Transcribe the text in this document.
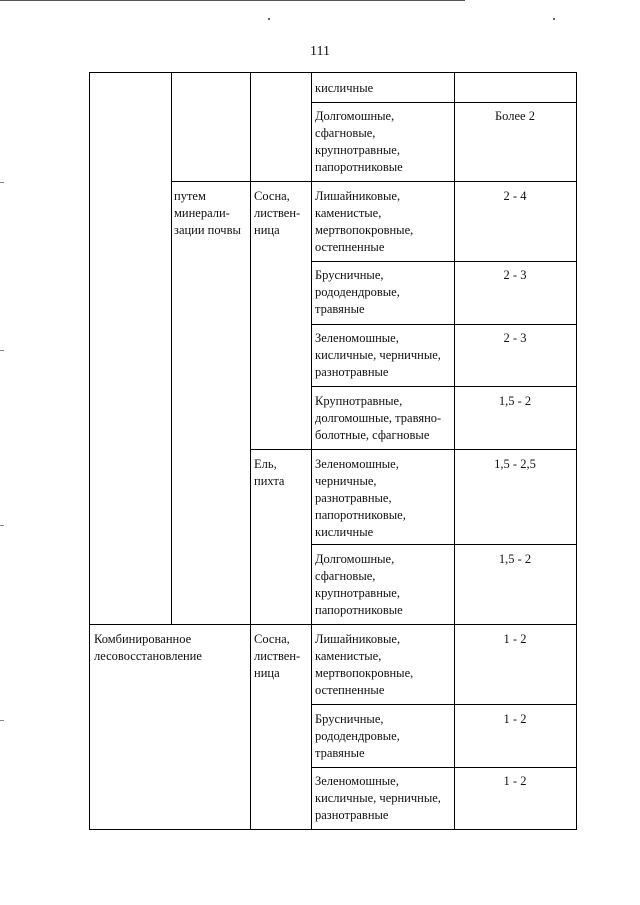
111
Комбинированное
лесовосстановление
путем
минерали-
зации почвы
Сосна,
листвен-
ница
Ель,
пихта
Сосна,
листвен-
ница
кисличные
Долгомошные,
сфагновые,
крупнотравные,
папоротниковые
Лишайниковые,
каменистые,
мертвопокровные,
остепненные
Брусничные,
рододендровые,
травяные
Зеленомошные,
кисличные, черничные,
разнотравные
Крупнотравные,
долгомошные, травяно-
болотные, сфагновые
Зеленомошные,
черничные,
разнотравные,
папоротниковые,
кисличные
Долгомошные,
сфагновые,
крупнотравные,
папоротниковые
Лишайниковые,
каменистые,
мертвопокровные,
остепненные
Брусничные,
рододендровые,
травяные
Зеленомошные,
кисличные, черничные,
разнотравные
Более 2
2 - 4
2 - 3
2 - 3
1,5 - 2
1,5 - 2,5
1,5 - 2
1 - 2
1 - 2
1 - 2
